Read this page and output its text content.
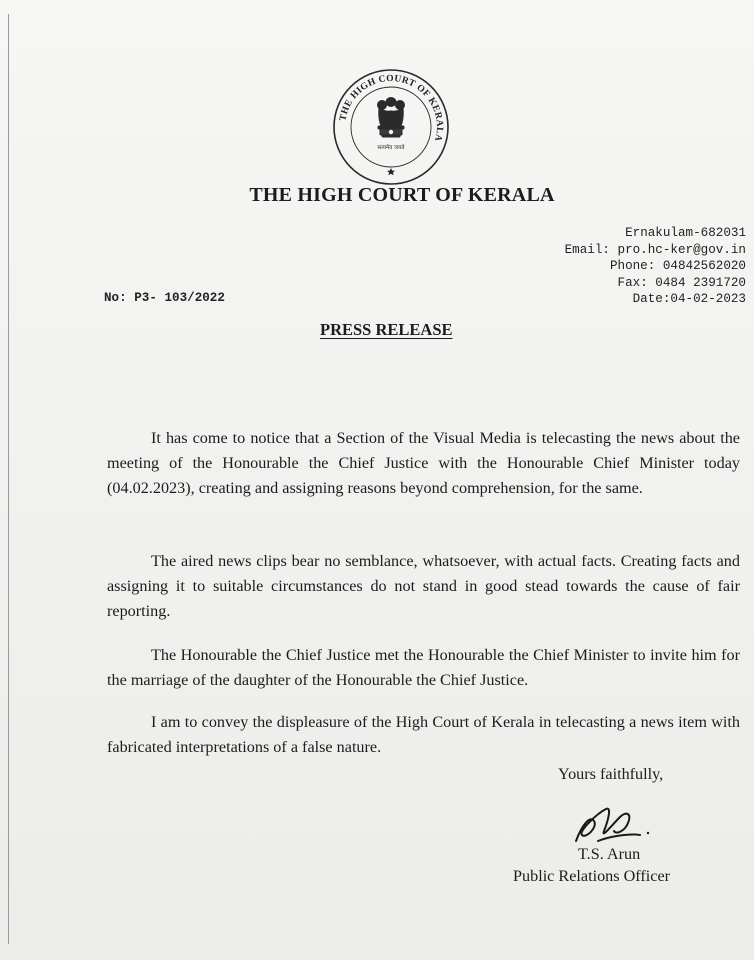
THE HIGH COURT OF KERALA
सत्यमेव जयते
THE HIGH COURT OF KERALA
Ernakulam-682031
Email: pro.hc-ker@gov.in
Phone: 04842562020
Fax: 0484 2391720
Date:04-02-2023
No: P3- 103/2022
PRESS RELEASE
It has come to notice that a Section of the Visual Media is telecasting the news about the meeting of the Honourable the Chief Justice with the Honourable Chief Minister today (04.02.2023), creating and assigning reasons beyond comprehension, for the same.
The aired news clips bear no semblance, whatsoever, with actual facts. Creating facts and assigning it to suitable circumstances do not stand in good stead towards the cause of fair reporting.
The Honourable the Chief Justice met the Honourable the Chief Minister to invite him for the marriage of the daughter of the Honourable the Chief Justice.
I am to convey the displeasure of the High Court of Kerala in telecasting a news item with fabricated interpretations of a false nature.
Yours faithfully,
T.S. Arun
Public Relations Officer
